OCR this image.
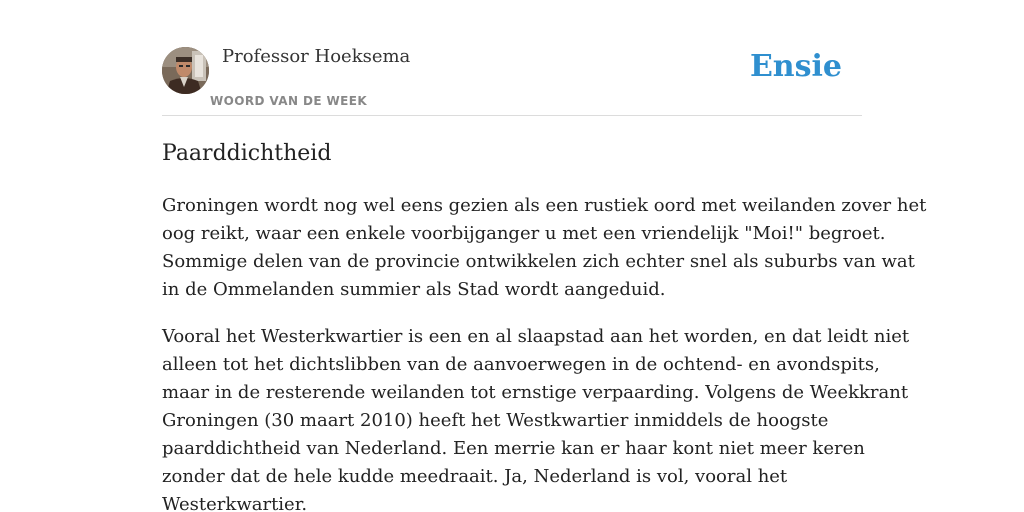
Professor Hoeksema
WOORD VAN DE WEEK
Ensie
Paarddichtheid

Groningen wordt nog wel eens gezien als een rustiek oord met weilanden zover het
oog reikt, waar een enkele voorbijganger u met een vriendelijk "Moi!" begroet.
Sommige delen van de provincie ontwikkelen zich echter snel als suburbs van wat
in de Ommelanden summier als Stad wordt aangeduid.

Vooral het Westerkwartier is een en al slaapstad aan het worden, en dat leidt niet
alleen tot het dichtslibben van de aanvoerwegen in de ochtend- en avondspits,
maar in de resterende weilanden tot ernstige verpaarding. Volgens de Weekkrant
Groningen (30 maart 2010) heeft het Westkwartier inmiddels de hoogste
paarddichtheid van Nederland. Een merrie kan er haar kont niet meer keren
zonder dat de hele kudde meedraait. Ja, Nederland is vol, vooral het
Westerkwartier.
